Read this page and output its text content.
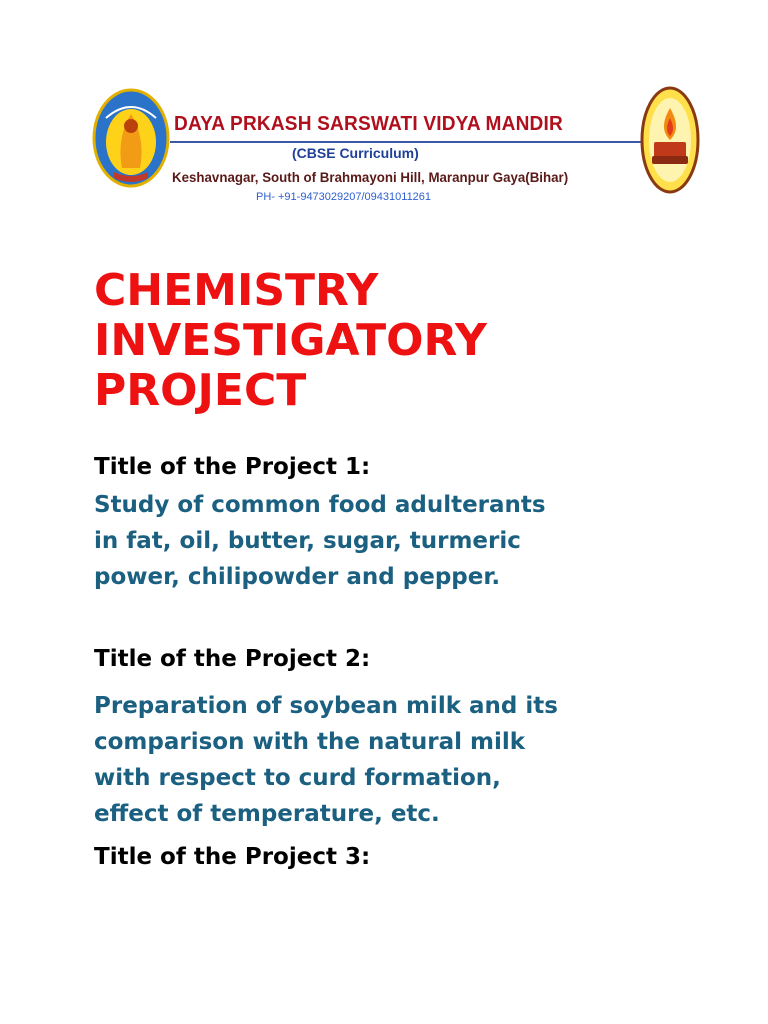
DAYA PRKASH SARSWATI VIDYA MANDIR
(CBSE Curriculum)
Keshavnagar, South of Brahmayoni Hill, Maranpur Gaya(Bihar)
PH- +91-9473029207/09431011261
CHEMISTRY
INVESTIGATORY
PROJECT
Title of the Project 1:
Study of common food adulterants
in fat, oil, butter, sugar, turmeric
power, chilipowder and pepper.
Title of the Project 2:
Preparation of soybean milk and its
comparison with the natural milk
with respect to curd formation,
effect of temperature, etc.
Title of the Project 3:
